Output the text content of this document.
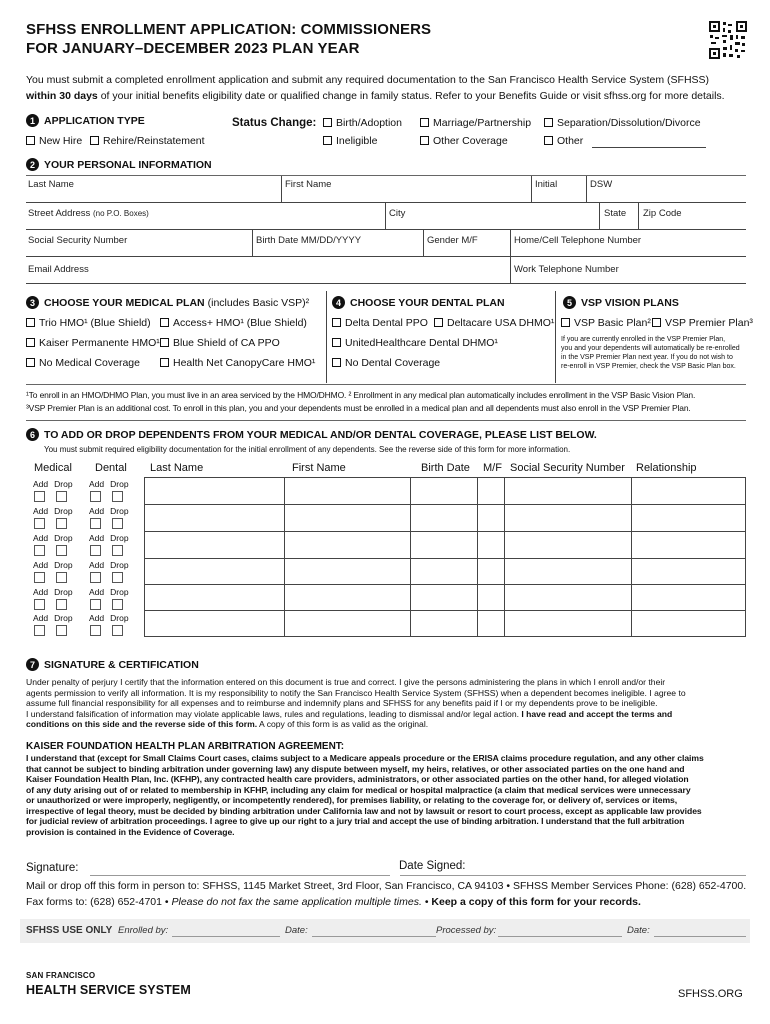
SFHSS ENROLLMENT APPLICATION: COMMISSIONERS
FOR JANUARY–DECEMBER 2023 PLAN YEAR
You must submit a completed enrollment application and submit any required documentation to the San Francisco Health Service System (SFHSS)
within 30 days of your initial benefits eligibility date or qualified change in family status. Refer to your Benefits Guide or visit sfhss.org for more details.
1 APPLICATION TYPE
New Hire	Rehire/Reinstatement
Status Change:	Birth/Adoption
Ineligible
Marriage/Partnership
Other Coverage
Separation/Dissolution/Divorce
Other
2 YOUR PERSONAL INFORMATION
Last Name	First Name	Initial	DSW
Street Address (no P.O. Boxes)	City	State Zip Code
Social Security Number	Birth Date MM/DD/YYYY	Gender M/F	Home/Cell Telephone Number
Email Address	Work Telephone Number
3 CHOOSE YOUR MEDICAL PLAN (includes Basic VSP)²
Trio HMO¹ (Blue Shield)	Access+ HMO¹ (Blue Shield)
Kaiser Permanente HMO¹	Blue Shield of CA PPO
No Medical Coverage	Health Net CanopyCare HMO¹
4 CHOOSE YOUR DENTAL PLAN
Delta Dental PPO	Deltacare USA DHMO¹
UnitedHealthcare Dental DHMO¹
No Dental Coverage
5 VSP VISION PLANS
VSP Basic Plan²	VSP Premier Plan³
If you are currently enrolled in the VSP Premier Plan,
you and your dependents will automatically be re-enrolled
in the VSP Premier Plan next year. If you do not wish to
re-enroll in VSP Premier, check the VSP Basic Plan box.
¹To enroll in an HMO/DHMO Plan, you must live in an area serviced by the HMO/DHMO. ² Enrollment in any medical plan automatically includes enrollment in the VSP Basic Vision Plan.
³VSP Premier Plan is an additional cost. To enroll in this plan, you and your dependents must be enrolled in a medical plan and all dependents must also enroll in the VSP Premier Plan.
6 TO ADD OR DROP DEPENDENTS FROM YOUR MEDICAL AND/OR DENTAL COVERAGE, PLEASE LIST BELOW.
You must submit required eligibility documentation for the initial enrollment of any dependents. See the reverse side of this form for more information.
Medical Dental Last Name	First Name	Birth Date M/F Social Security Number Relationship
Add Drop Add Drop
Add Drop Add Drop
Add Drop Add Drop
Add Drop Add Drop
Add Drop Add Drop
Add Drop Add Drop
7 SIGNATURE & CERTIFICATION
Under penalty of perjury I certify that the information entered on this document is true and correct. I give the persons administering the plans in which I enroll and/or their
agents permission to verify all information. It is my responsibility to notify the San Francisco Health Service System (SFHSS) when a dependent becomes ineligible. I agree to
assume full financial responsibility for all expenses and to reimburse and indemnify plans and SFHSS for any benefits paid if I or my dependents prove to be ineligible.
I understand falsification of information may violate applicable laws, rules and regulations, leading to dismissal and/or legal action. I have read and accept the terms and
conditions on this side and the reverse side of this form. A copy of this form is as valid as the original.
KAISER FOUNDATION HEALTH PLAN ARBITRATION AGREEMENT:
I understand that (except for Small Claims Court cases, claims subject to a Medicare appeals procedure or the ERISA claims procedure regulation, and any other claims
that cannot be subject to binding arbitration under governing law) any dispute between myself, my heirs, relatives, or other associated parties on the one hand and
Kaiser Foundation Health Plan, Inc. (KFHP), any contracted health care providers, administrators, or other associated parties on the other hand, for alleged violation
of any duty arising out of or related to membership in KFHP, including any claim for medical or hospital malpractice (a claim that medical services were unnecessary
or unauthorized or were improperly, negligently, or incompetently rendered), for premises liability, or relating to the coverage for, or delivery of, services or items,
irrespective of legal theory, must be decided by binding arbitration under California law and not by lawsuit or resort to court process, except as applicable law provides
for judicial review of arbitration proceedings. I agree to give up our right to a jury trial and accept the use of binding arbitration. I understand that the full arbitration
provision is contained in the Evidence of Coverage.
Signature:	Date Signed:
Mail or drop off this form in person to: SFHSS, 1145 Market Street, 3rd Floor, San Francisco, CA 94103 • SFHSS Member Services Phone: (628) 652-4700.
Fax forms to: (628) 652-4701 • Please do not fax the same application multiple times. • Keep a copy of this form for your records.
SFHSS USE ONLY Enrolled by:	Date:	Processed by:	Date:
SAN FRANCISCO
HEALTH SERVICE SYSTEM	SFHSS.ORG
